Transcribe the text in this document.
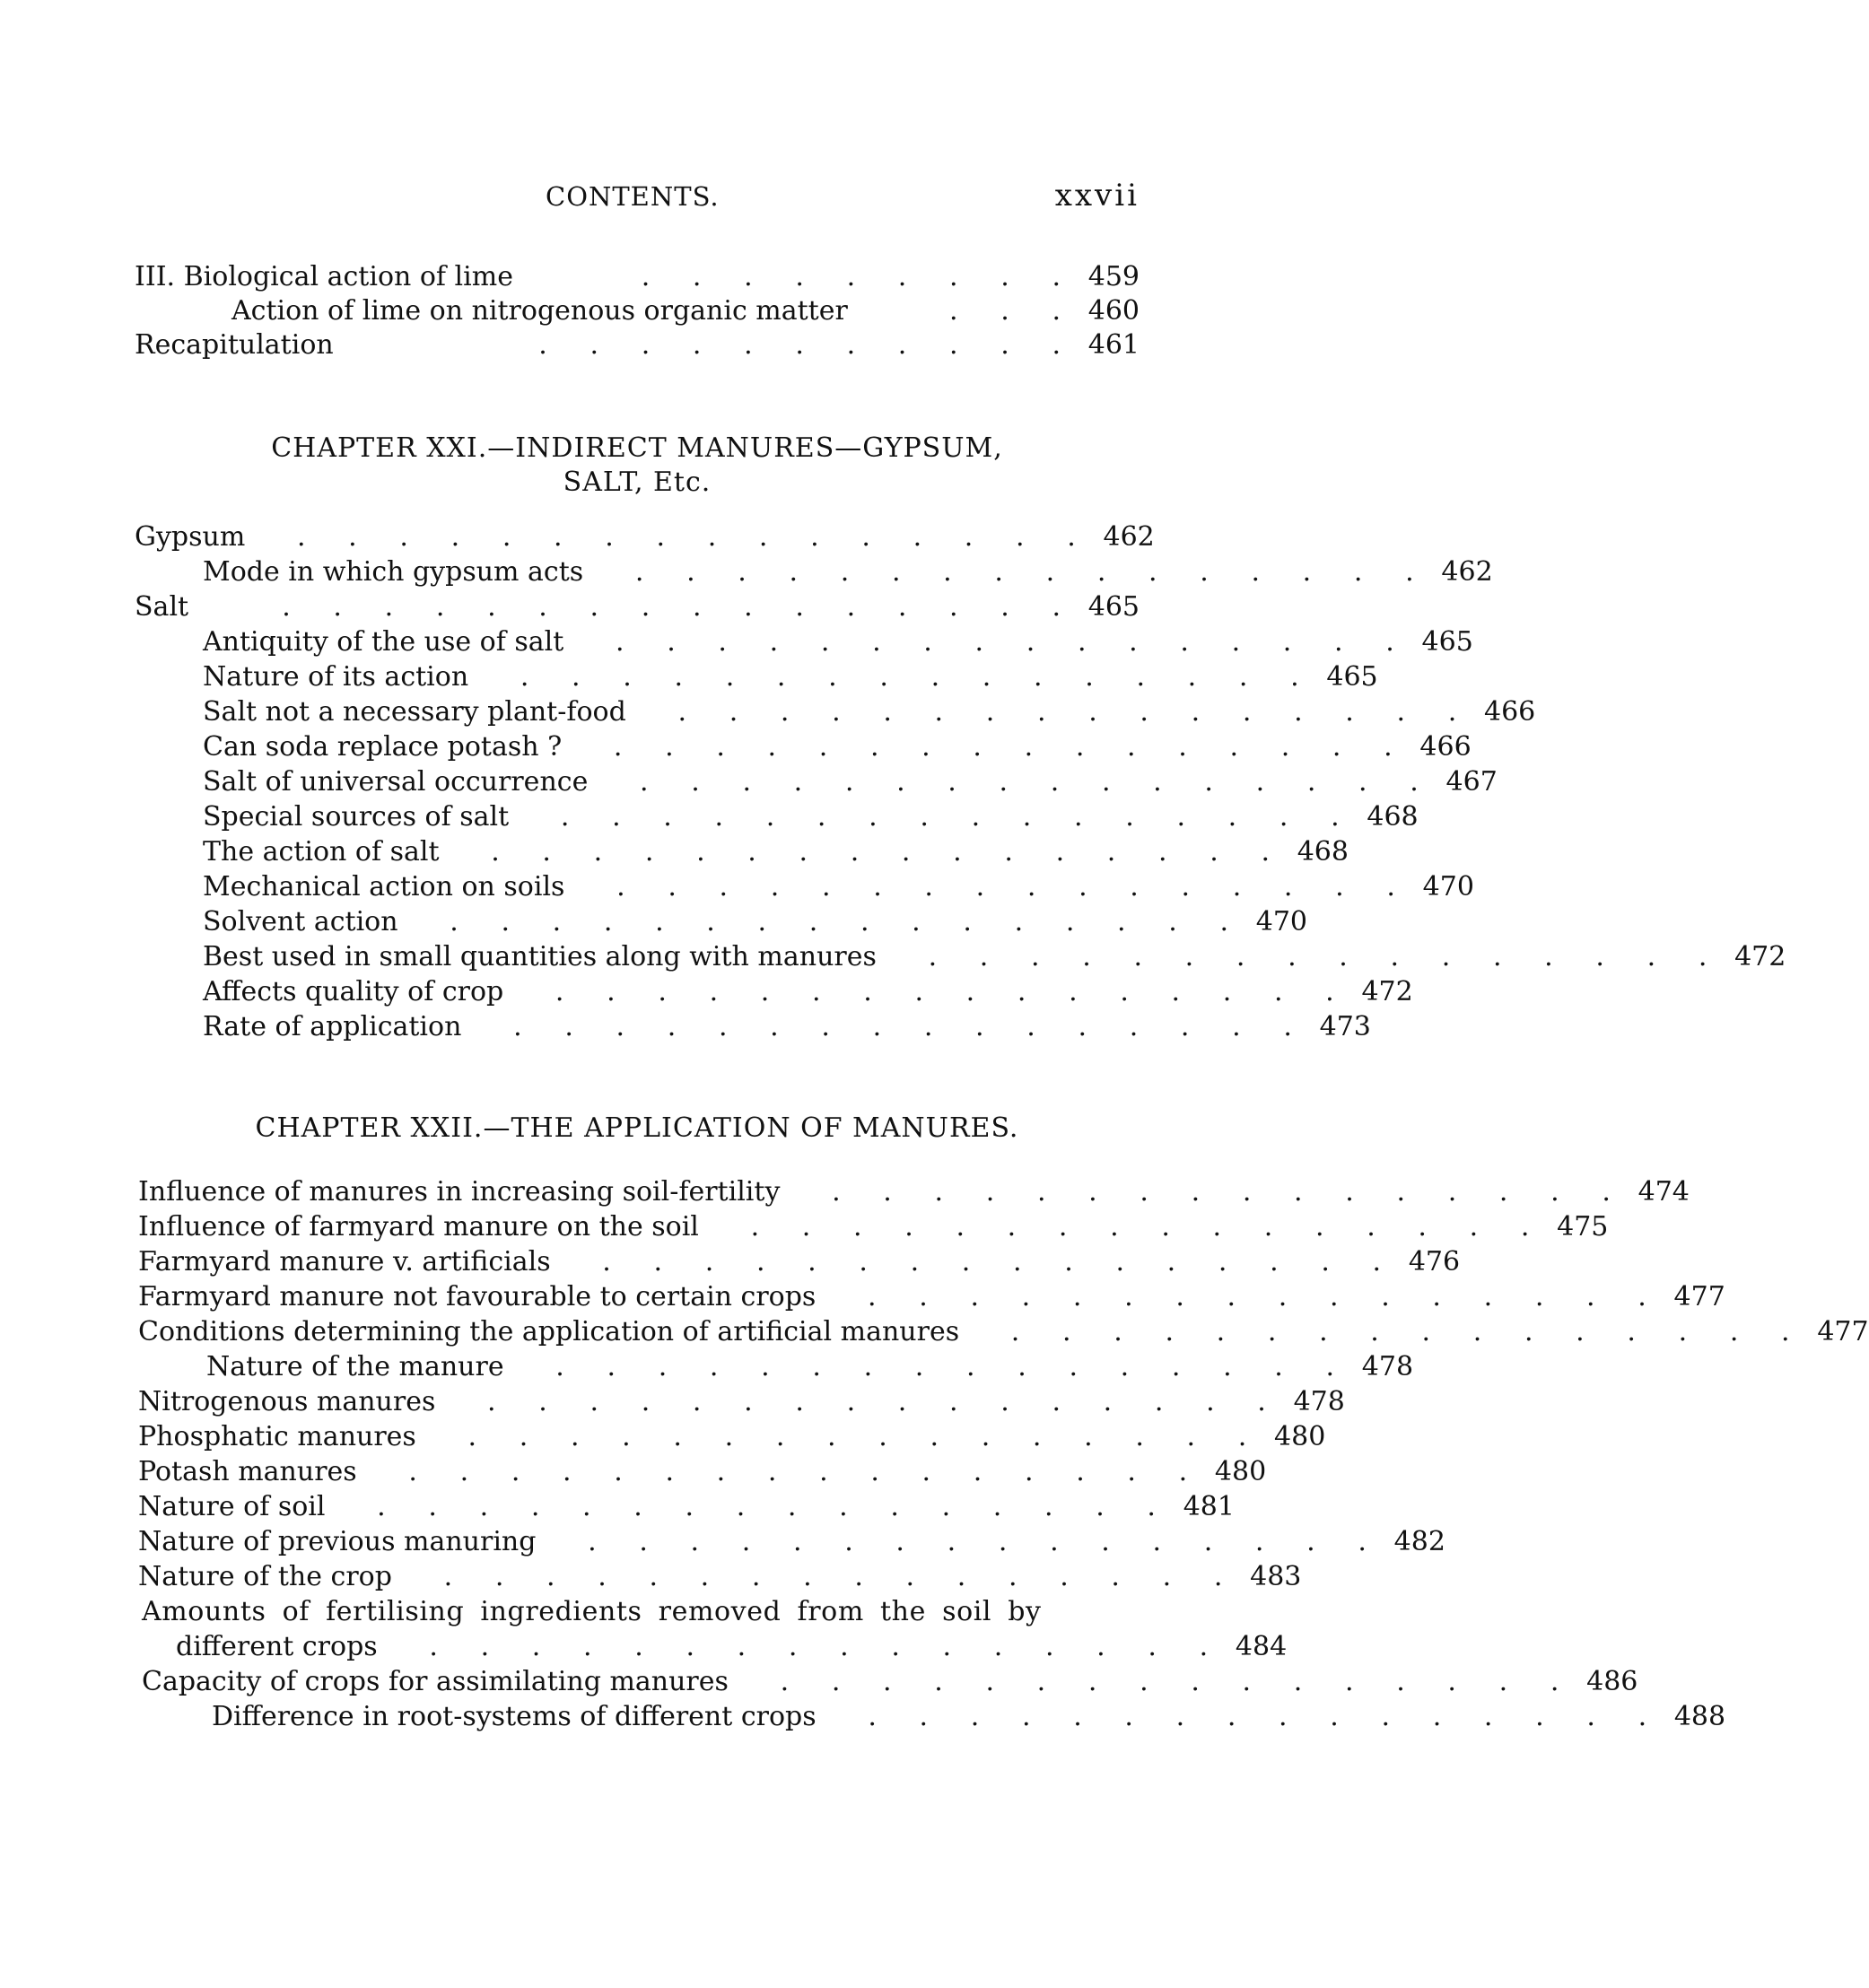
CONTENTS.	xxvii
III. Biological action of lime	.     .     .     .     .     .     .     .     .	459
Action of lime on nitrogenous organic matter	.     .     .	460
Recapitulation	.     .     .     .     .     .     .     .     .     .     .	461
CHAPTER XXI.—INDIRECT MANURES—GYPSUM,
SALT, Etc.
Gypsum .     .     .     .     .     .     .     .     .     .     .     .     .     .     .     .	462
Mode in which gypsum acts .     .     .     .     .     .     .     .     .     .     .     .     .     .     .     .	462
Salt	.     .     .     .     .     .     .     .     .     .     .     .     .     .     .     .	465
Antiquity of the use of salt .     .     .     .     .     .     .     .     .     .     .     .     .     .     .     .	465
Nature of its action .     .     .     .     .     .     .     .     .     .     .     .     .     .     .     .	465
Salt not a necessary plant-food .     .     .     .     .     .     .     .     .     .     .     .     .     .     .     .	466
Can soda replace potash ? .     .     .     .     .     .     .     .     .     .     .     .     .     .     .     .	466
Salt of universal occurrence .     .     .     .     .     .     .     .     .     .     .     .     .     .     .     .	467
Special sources of salt .     .     .     .     .     .     .     .     .     .     .     .     .     .     .     .	468
The action of salt .     .     .     .     .     .     .     .     .     .     .     .     .     .     .     .	468
Mechanical action on soils .     .     .     .     .     .     .     .     .     .     .     .     .     .     .     .	470
Solvent action .     .     .     .     .     .     .     .     .     .     .     .     .     .     .     .	470
Best used in small quantities along with manures .     .     .     .     .     .     .     .     .     .     .     .     .     .     .     .	472
Affects quality of crop .     .     .     .     .     .     .     .     .     .     .     .     .     .     .     .	472
Rate of application .     .     .     .     .     .     .     .     .     .     .     .     .     .     .     .	473
CHAPTER XXII.—THE APPLICATION OF MANURES.
Influence of manures in increasing soil-fertility .     .     .     .     .     .     .     .     .     .     .     .     .     .     .     .	474
Influence of farmyard manure on the soil .     .     .     .     .     .     .     .     .     .     .     .     .     .     .     .	475
Farmyard manure v. artificials .     .     .     .     .     .     .     .     .     .     .     .     .     .     .     .	476
Farmyard manure not favourable to certain crops .     .     .     .     .     .     .     .     .     .     .     .     .     .     .     .	477
Conditions determining the application of artificial manures .     .     .     .     .     .     .     .     .     .     .     .     .     .     .     .	477
Nature of the manure .     .     .     .     .     .     .     .     .     .     .     .     .     .     .     .	478
Nitrogenous manures .     .     .     .     .     .     .     .     .     .     .     .     .     .     .     .	478
Phosphatic manures .     .     .     .     .     .     .     .     .     .     .     .     .     .     .     .	480
Potash manures .     .     .     .     .     .     .     .     .     .     .     .     .     .     .     .	480
Nature of soil .     .     .     .     .     .     .     .     .     .     .     .     .     .     .     .	481
Nature of previous manuring .     .     .     .     .     .     .     .     .     .     .     .     .     .     .     .	482
Nature of the crop .     .     .     .     .     .     .     .     .     .     .     .     .     .     .     .	483
Amounts of fertilising ingredients removed from the soil by
different crops .     .     .     .     .     .     .     .     .     .     .     .     .     .     .     .	484
Capacity of crops for assimilating manures .     .     .     .     .     .     .     .     .     .     .     .     .     .     .     .	486
Difference in root-systems of different crops .     .     .     .     .     .     .     .     .     .     .     .     .     .     .     .	488
